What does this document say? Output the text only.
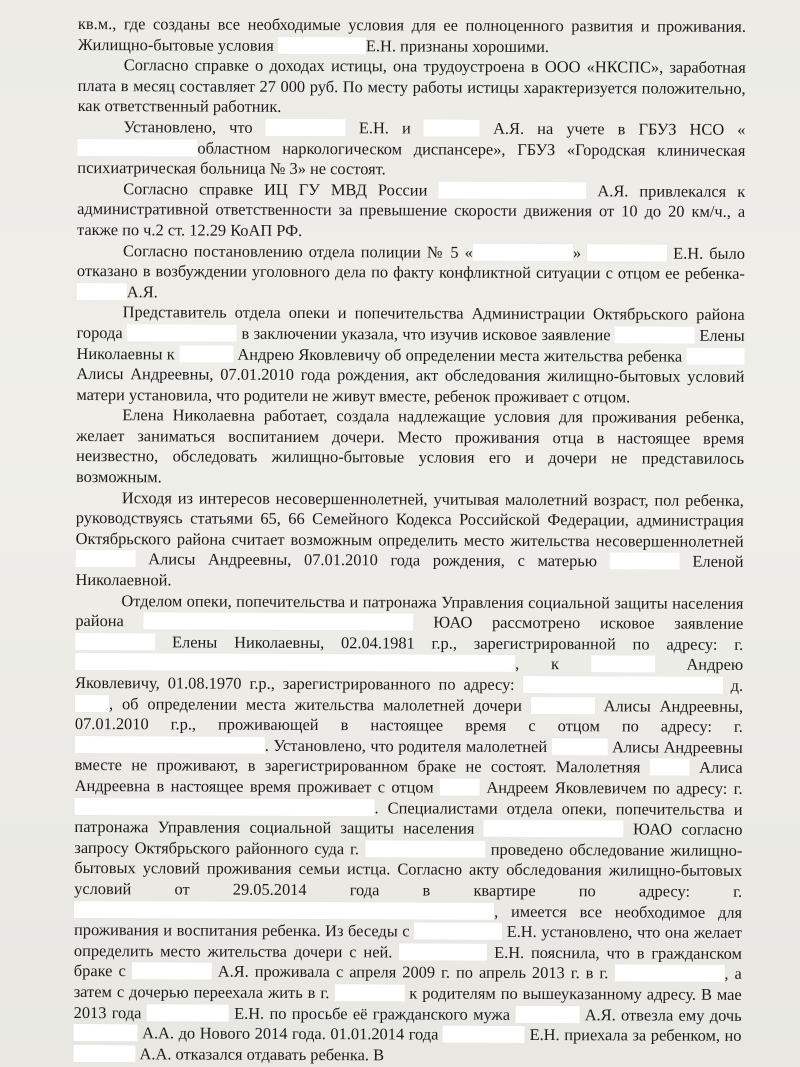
кв.м., где созданы все необходимые условия для ее полноценного развития и проживания. Жилищно-бытовые условия	Е.Н. признаны хорошими.

Согласно справке о доходах истицы, она трудоустроена в ООО «НКСПС», заработная плата в месяц составляет 27 000 руб. По месту работы истицы характеризуется положительно, как ответственный работник.

Установлено, что	Е.Н. и	А.Я. на учете в ГБУЗ НСО «областном наркологическом диспансере», ГБУЗ «Городская клиническая психиатрическая больница № 3» не состоят.

Согласно справке ИЦ ГУ МВД России	А.Я. привлекался к административной ответственности за превышение скорости движения от 10 до 20 км/ч., а также по ч.2 ст. 12.29 КоАП РФ.

Согласно постановлению отдела полиции № 5 «	»	Е.Н. было отказано в возбуждении уголовного дела по факту конфликтной ситуации с отцом ее ребенка-А.Я.

Представитель отдела опеки и попечительства Администрации Октябрьского района города	в заключении указала, что изучив исковое заявление	Елены Николаевны к	Андрею Яковлевичу об определении места жительства ребенка  Алисы Андреевны, 07.01.2010 года рождения, акт обследования жилищно-бытовых условий матери установила, что родители не живут вместе, ребенок проживает с отцом.

Елена Николаевна работает, создала надлежащие условия для проживания ребенка, желает заниматься воспитанием дочери. Место проживания отца в настоящее время неизвестно, обследовать жилищно-бытовые условия его и дочери не представилось возможным.

Исходя из интересов несовершеннолетней, учитывая малолетний возраст, пол ребенка, руководствуясь статьями 65, 66 Семейного Кодекса Российской Федерации, администрация Октябрьского района считает возможным определить место жительства несовершеннолетней  Алисы Андреевны, 07.01.2010 года рождения, с матерью	Еленой Николаевной.

Отделом опеки, попечительства и патронажа Управления социальной защиты населения района	ЮАО рассмотрено исковое заявление  Елены Николаевны, 02.04.1981 г.р., зарегистрированной по адресу: г. , к	Андрею Яковлевичу, 01.08.1970 г.р., зарегистрированного по адресу:	д. , об определении места жительства малолетней дочери	Алисы Андреевны, 07.01.2010 г.р., проживающей в настоящее время с отцом по адресу: г. . Установлено, что родителя малолетней	Алисы Андреевны вместе не проживают, в зарегистрированном браке не состоят. Малолетняя	Алиса Андреевна в настоящее время проживает с отцом	Андреем Яковлевичем по адресу: г. . Специалистами отдела опеки, попечительства и патронажа Управления социальной защиты населения	ЮАО согласно запросу Октябрьского районного суда г.	проведено обследование жилищно-бытовых условий проживания семьи истца. Согласно акту обследования жилищно-бытовых условий от 29.05.2014 года в квартире по адресу: г. , имеется все необходимое для проживания и воспитания ребенка. Из беседы с	Е.Н. установлено, что она желает определить место жительства дочери с ней.	Е.Н. пояснила, что в гражданском браке с	А.Я. проживала с апреля 2009 г. по апрель 2013 г. в г.	, а затем с дочерью переехала жить в г.	к родителям по вышеуказанному адресу. В мае 2013 года	Е.Н. по просьбе её гражданского мужа	А.Я. отвезла ему дочь  А.А. до Нового 2014 года. 01.01.2014 года	Е.Н. приехала за ребенком, но  А.А. отказался отдавать ребенка. В
